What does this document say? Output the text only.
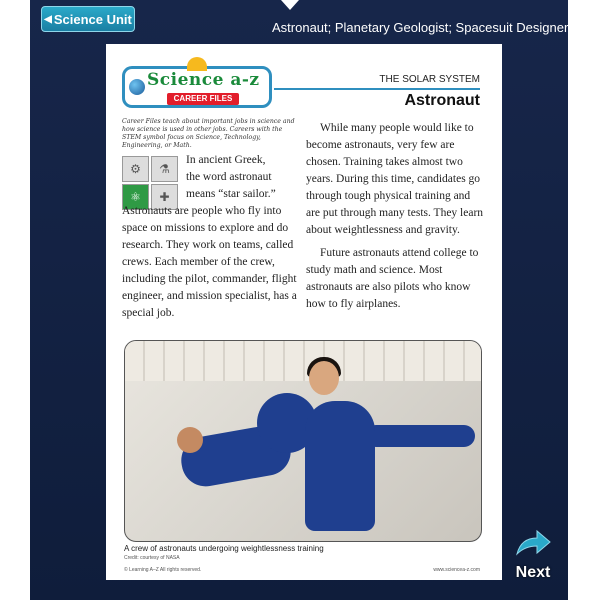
◀ Science Unit
Astronaut; Planetary Geologist; Spacesuit Designer
Science a-z
CAREER FILES
THE SOLAR SYSTEM
Astronaut
Career Files teach about important jobs in science and how science is used in other jobs. Careers with the STEM symbol focus on Science, Technology, Engineering, or Math.
⚙	⚗
⚛	✚
In ancient Greek,
the word astronaut
means “star sailor.”
Astronauts are people who fly into space on missions to explore and do research. They work on teams, called crews. Each member of the crew, including the pilot, commander, flight engineer, and mission specialist, has a special job.

While many people would like to become astronauts, very few are chosen. Training takes almost two years. During this time, candidates go through tough physical training and are put through many tests. They learn about weightlessness and gravity.

Future astronauts attend college to study math and science. Most astronauts are also pilots who know how to fly airplanes.

A crew of astronauts undergoing weightlessness training
Credit: courtesy of NASA
© Learning A–Z All rights reserved.	www.sciencea-z.com Next
